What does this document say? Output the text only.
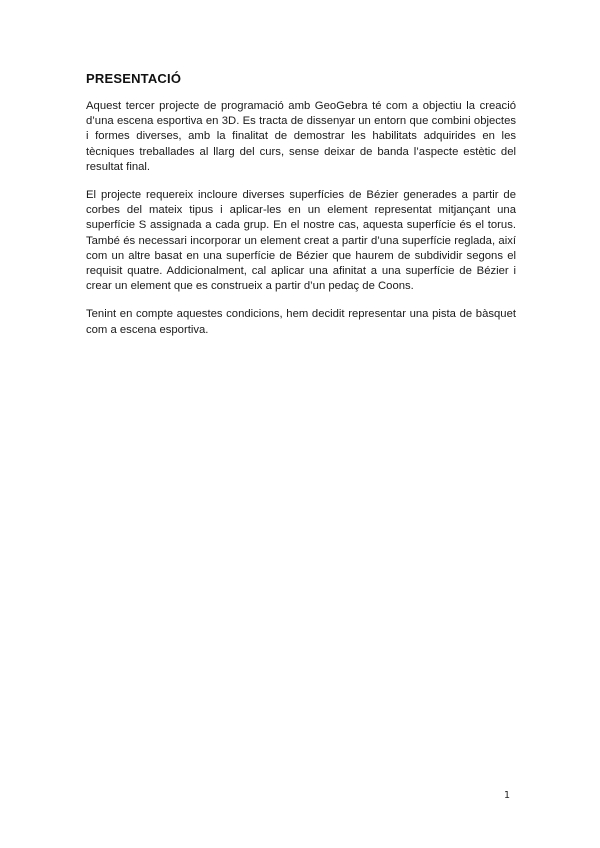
PRESENTACIÓ

Aquest tercer projecte de programació amb GeoGebra té com a objectiu la creació d’una escena esportiva en 3D. Es tracta de dissenyar un entorn que combini objectes i formes diverses, amb la finalitat de demostrar les habilitats adquirides en les tècniques treballades al llarg del curs, sense deixar de banda l’aspecte estètic del resultat final.

El projecte requereix incloure diverses superfícies de Bézier generades a partir de corbes del mateix tipus i aplicar-les en un element representat mitjançant una superfície S assignada a cada grup. En el nostre cas, aquesta superfície és el torus. També és necessari incorporar un element creat a partir d’una superfície reglada, així com un altre basat en una superfície de Bézier que haurem de subdividir segons el requisit quatre. Addicionalment, cal aplicar una afinitat a una superfície de Bézier i crear un element que es construeix a partir d’un pedaç de Coons.

Tenint en compte aquestes condicions, hem decidit representar una pista de bàsquet com a escena esportiva.

1
